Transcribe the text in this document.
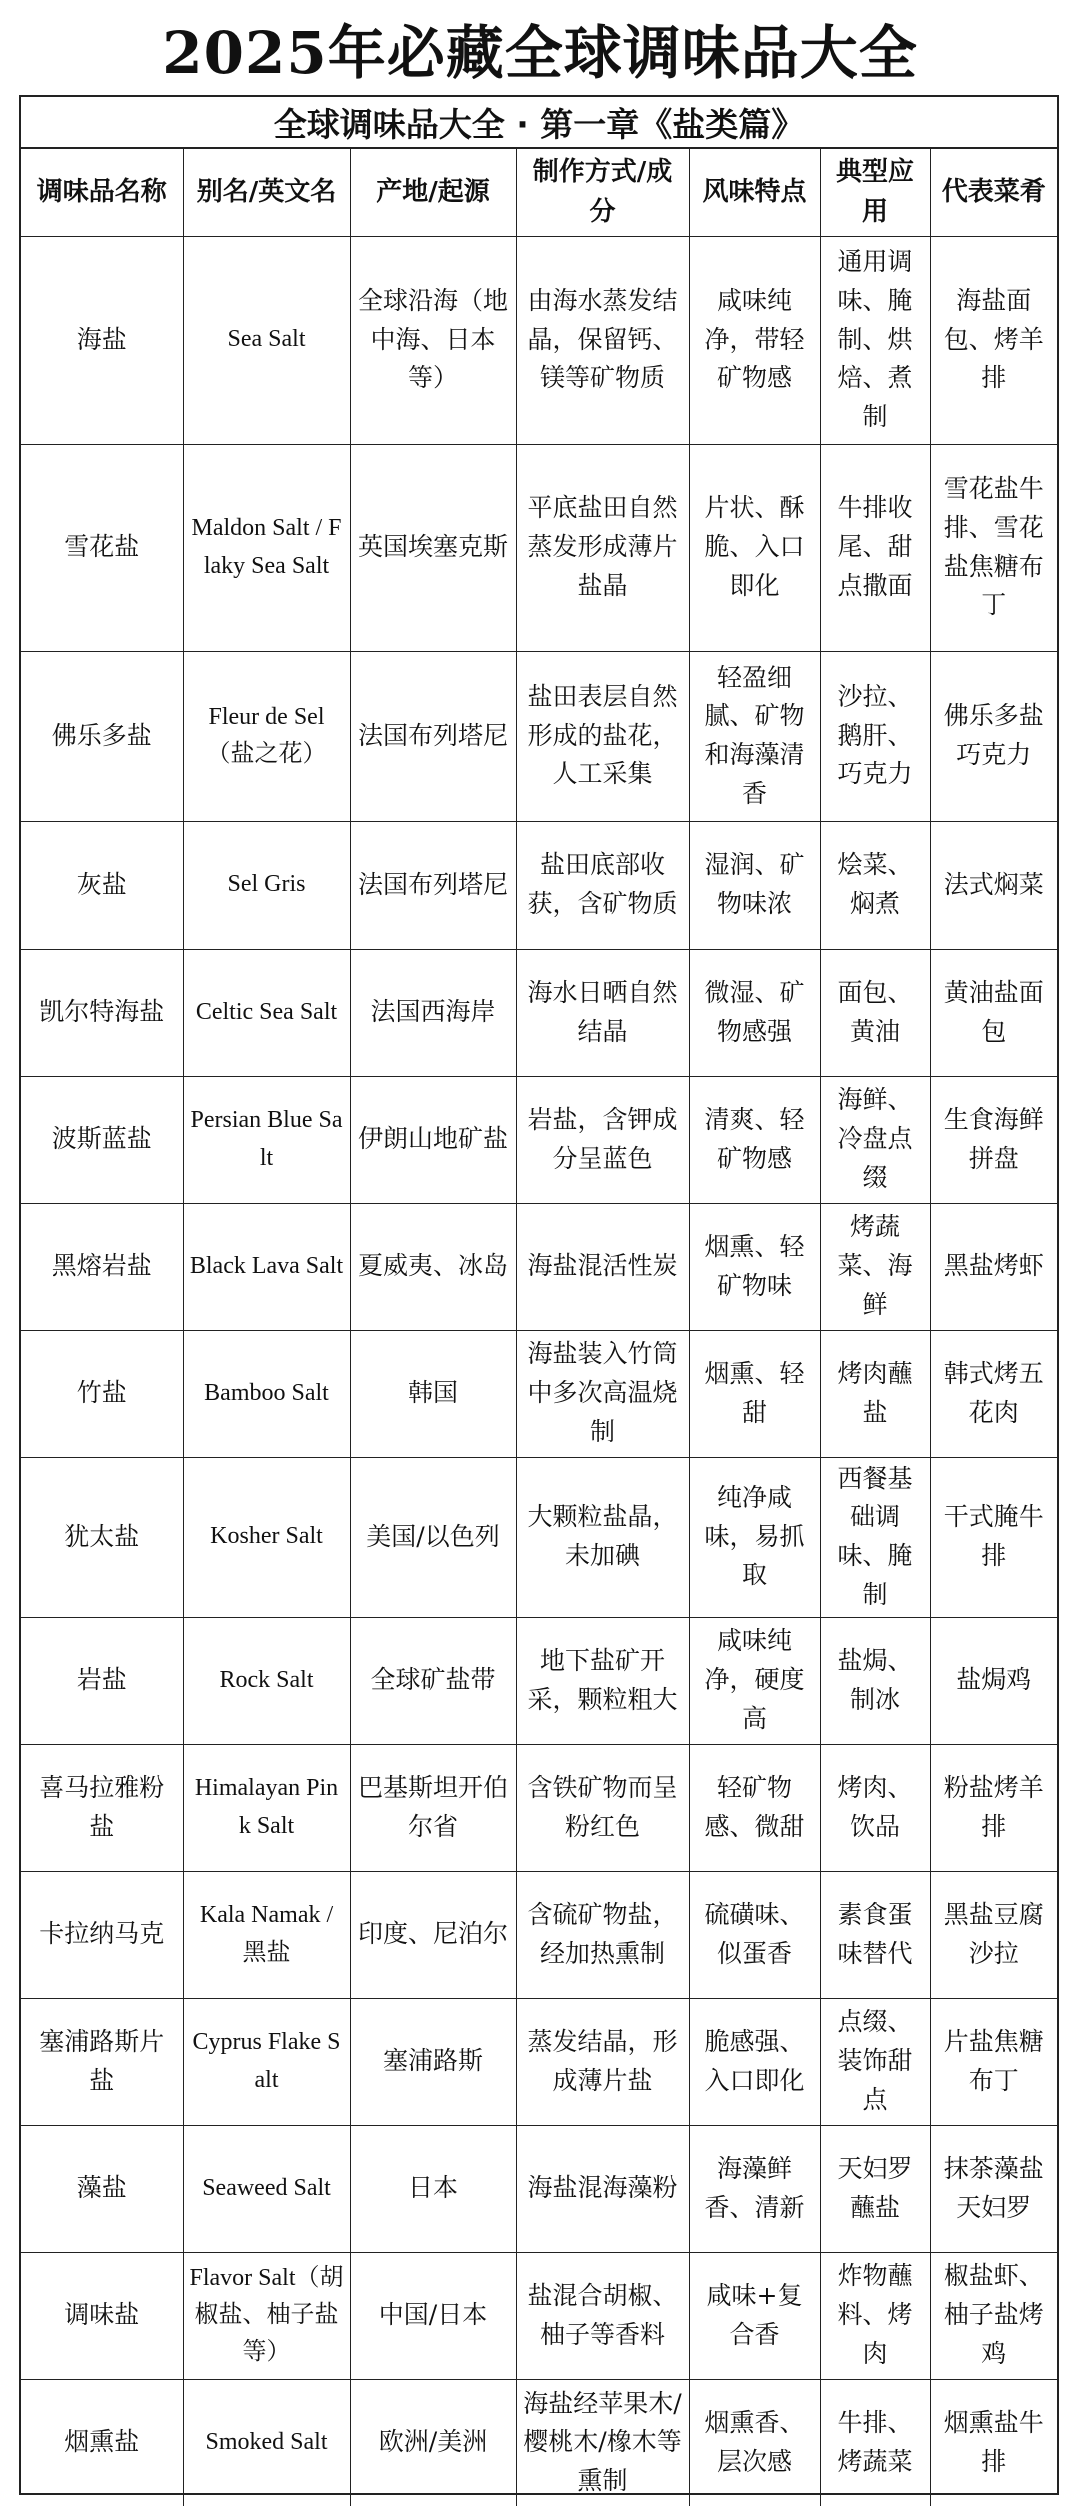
2025年必藏全球调味品大全
全球调味品大全 · 第一章《盐类篇》
调味品名称	别名/英文名	产地/起源	制作方式/成分	风味特点	典型应用	代表菜肴
海盐	Sea Salt	全球沿海（地中海、日本等）	由海水蒸发结晶，保留钙、镁等矿物质	咸味纯净，带轻矿物感	通用调味、腌制、烘焙、煮制	海盐面包、烤羊排
雪花盐	Maldon Salt / Flaky Sea Salt	英国埃塞克斯	平底盐田自然蒸发形成薄片盐晶	片状、酥脆、入口即化	牛排收尾、甜点撒面	雪花盐牛排、雪花盐焦糖布丁
佛乐多盐	Fleur de Sel（盐之花）	法国布列塔尼	盐田表层自然形成的盐花，人工采集	轻盈细腻、矿物和海藻清香	沙拉、鹅肝、巧克力	佛乐多盐巧克力
灰盐	Sel Gris	法国布列塔尼	盐田底部收获，含矿物质	湿润、矿物味浓	烩菜、焖煮	法式焖菜
凯尔特海盐	Celtic Sea Salt	法国西海岸	海水日晒自然结晶	微湿、矿物感强	面包、黄油	黄油盐面包
波斯蓝盐	Persian Blue Salt	伊朗山地矿盐	岩盐，含钾成分呈蓝色	清爽、轻矿物感	海鲜、冷盘点缀	生食海鲜拼盘
黑熔岩盐	Black Lava Salt	夏威夷、冰岛	海盐混活性炭	烟熏、轻矿物味	烤蔬菜、海鲜	黑盐烤虾
竹盐	Bamboo Salt	韩国	海盐装入竹筒中多次高温烧制	烟熏、轻甜	烤肉蘸盐	韩式烤五花肉
犹太盐	Kosher Salt	美国/以色列	大颗粒盐晶，未加碘	纯净咸味，易抓取	西餐基础调味、腌制	干式腌牛排
岩盐	Rock Salt	全球矿盐带	地下盐矿开采，颗粒粗大	咸味纯净，硬度高	盐焗、制冰	盐焗鸡
喜马拉雅粉盐	Himalayan Pink Salt	巴基斯坦开伯尔省	含铁矿物而呈粉红色	轻矿物感、微甜	烤肉、饮品	粉盐烤羊排
卡拉纳马克	Kala Namak / 黑盐	印度、尼泊尔	含硫矿物盐，经加热熏制	硫磺味、似蛋香	素食蛋味替代	黑盐豆腐沙拉
塞浦路斯片盐	Cyprus Flake Salt	塞浦路斯	蒸发结晶，形成薄片盐	脆感强、入口即化	点缀、装饰甜点	片盐焦糖布丁
藻盐	Seaweed Salt	日本	海盐混海藻粉	海藻鲜香、清新	天妇罗蘸盐	抹茶藻盐天妇罗
调味盐	Flavor Salt（胡椒盐、柚子盐等）	中国/日本	盐混合胡椒、柚子等香料	咸味+复合香	炸物蘸料、烤肉	椒盐虾、柚子盐烤鸡
烟熏盐	Smoked Salt	欧洲/美洲	海盐经苹果木/樱桃木/橡木等熏制	烟熏香、层次感	牛排、烤蔬菜	烟熏盐牛排
